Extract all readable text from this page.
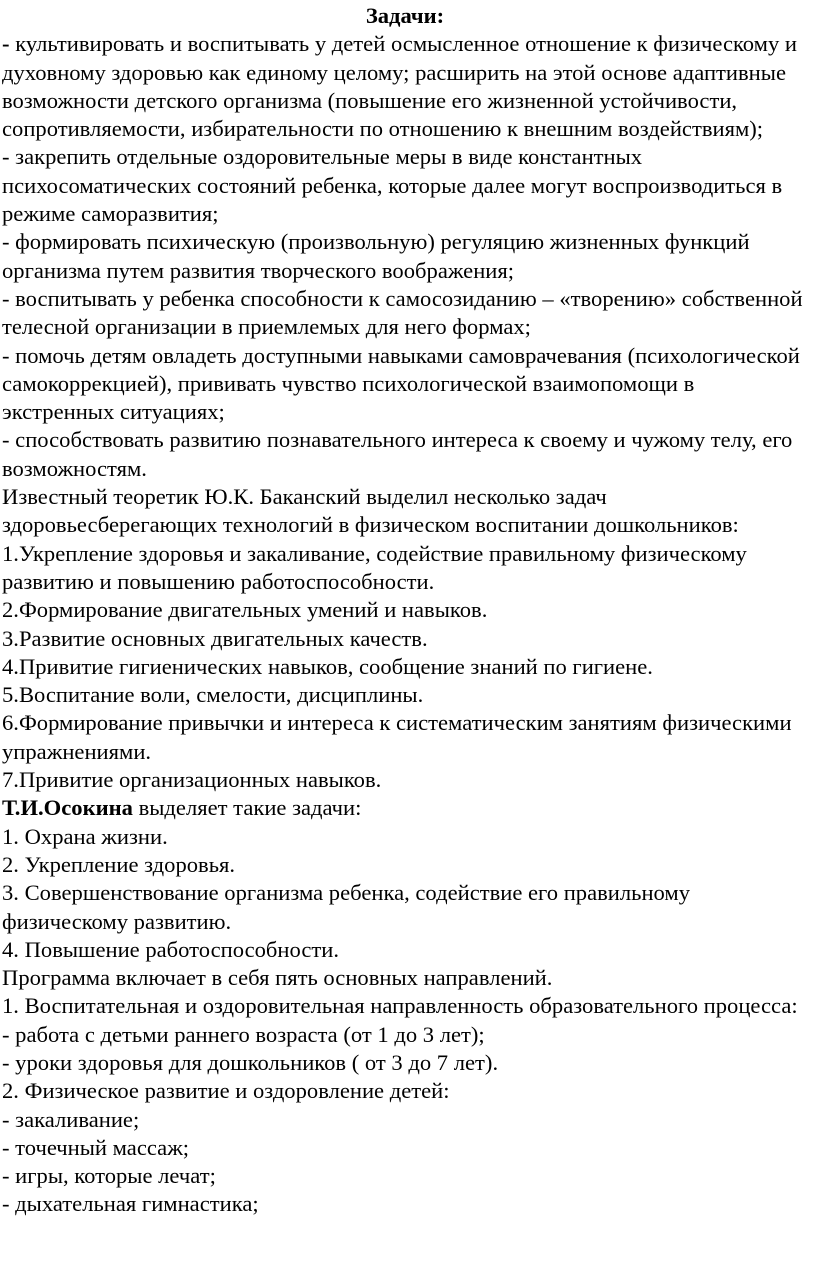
Задачи:

- культивировать и воспитывать у детей осмысленное отношение к физическому и духовному здоровью как единому целому; расширить на этой основе адаптивные возможности детского организма (повышение его жизненной устойчивости, сопротивляемости, избирательности по отношению к внешним воздействиям);

- закрепить отдельные оздоровительные меры в виде константных психосоматических состояний ребенка, которые далее могут воспроизводиться в режиме саморазвития;

- формировать психическую (произвольную) регуляцию жизненных функций организма путем развития творческого воображения;

- воспитывать у ребенка способности к самосозиданию – «творению» собственной телесной организации в приемлемых для него формах;

- помочь детям овладеть доступными навыками самоврачевания (психологической самокоррекцией), прививать чувство психологической взаимопомощи в экстренных ситуациях;

- способствовать развитию познавательного интереса к своему и чужому телу, его возможностям.

Известный теоретик Ю.К. Баканский выделил несколько задач здоровьесберегающих технологий в физическом воспитании дошкольников:

1.Укрепление здоровья и закаливание, содействие правильному физическому развитию и повышению работоспособности.

2.Формирование двигательных умений и навыков.

3.Развитие основных двигательных качеств.

4.Привитие гигиенических навыков, сообщение знаний по гигиене.

5.Воспитание воли, смелости, дисциплины.

6.Формирование привычки и интереса к систематическим занятиям физическими упражнениями.

7.Привитие организационных навыков.

Т.И.Осокина выделяет такие задачи:

1. Охрана жизни.

2. Укрепление здоровья.

3. Совершенствование организма ребенка, содействие его правильному физическому развитию.

4. Повышение работоспособности.

Программа включает в себя пять основных направлений.

1. Воспитательная и оздоровительная направленность образовательного процесса:

- работа с детьми раннего возраста (от 1 до 3 лет);

- уроки здоровья для дошкольников ( от 3 до 7 лет).

2. Физическое развитие и оздоровление детей:

- закаливание;

- точечный массаж;

- игры, которые лечат;

- дыхательная гимнастика;
